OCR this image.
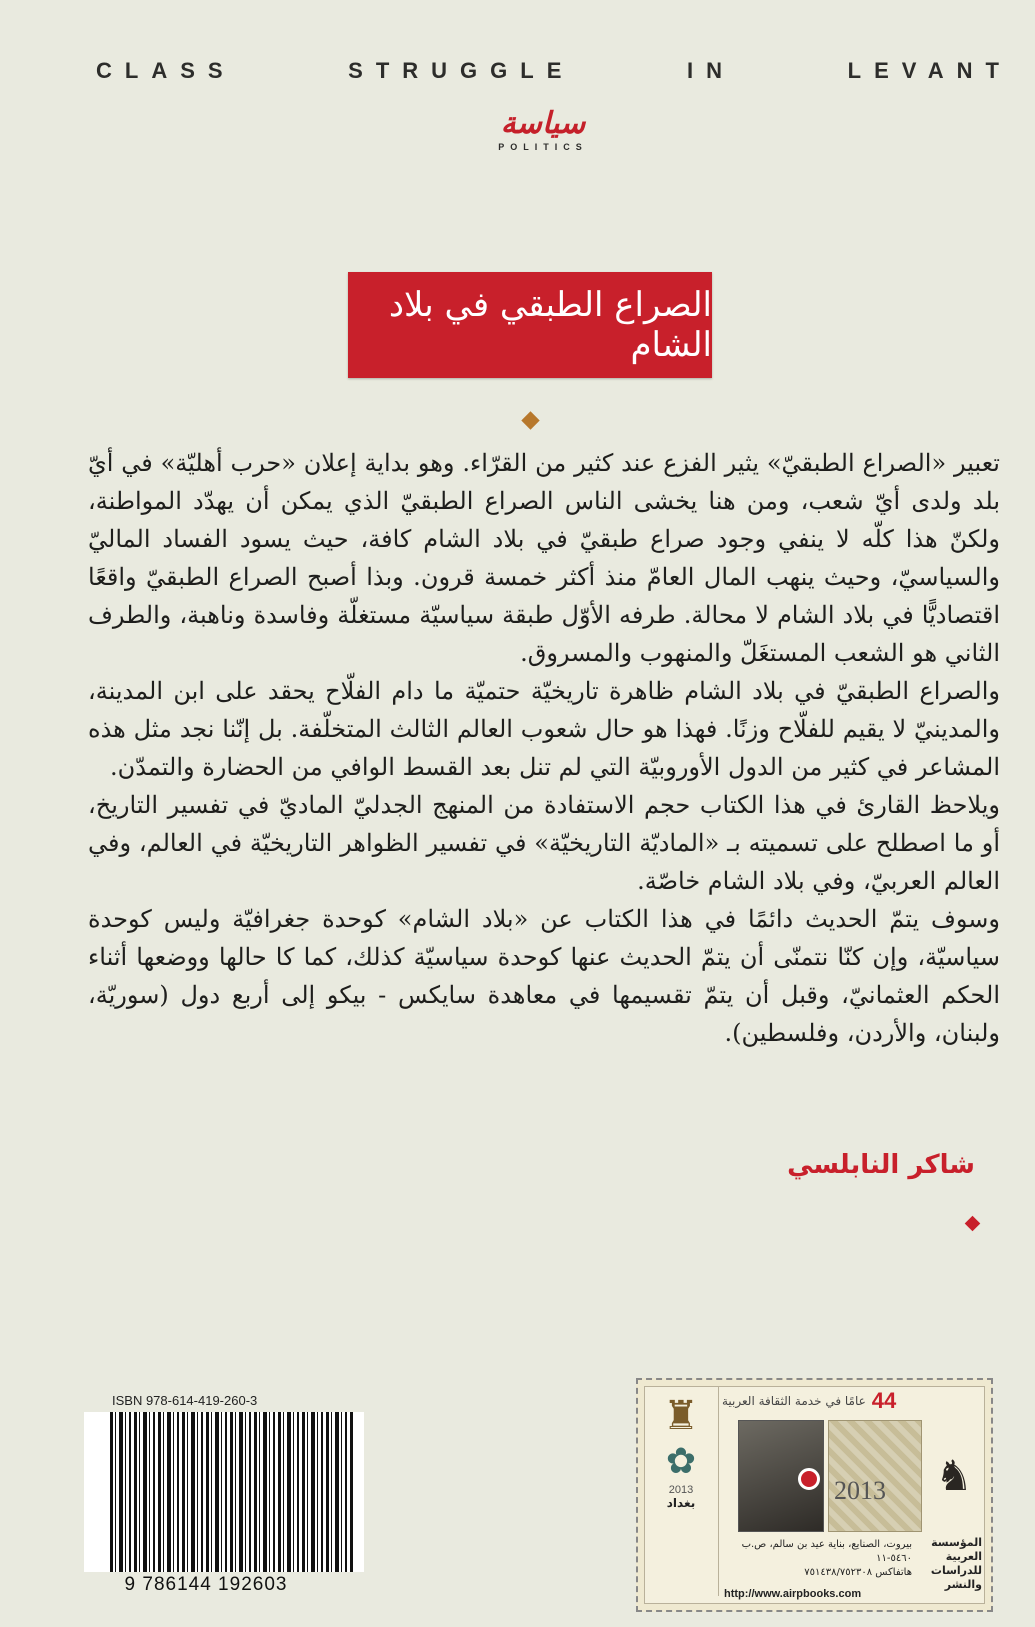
CLASS	STRUGGLE	IN	LEVANT
سياسة
POLITICS
الصراع الطبقي في بلاد الشام

تعبير «الصراع الطبقيّ» يثير الفزع عند كثير من القرّاء. وهو بداية إعلان «حرب أهليّة» في أيّ بلد ولدى أيّ شعب، ومن هنا يخشى الناس الصراع الطبقيّ الذي يمكن أن يهدّد المواطنة، ولكنّ هذا كلّه لا ينفي وجود صراع طبقيّ في بلاد الشام كافة، حيث يسود الفساد الماليّ والسياسيّ، وحيث ينهب المال العامّ منذ أكثر خمسة قرون. وبذا أصبح الصراع الطبقيّ واقعًا اقتصاديًّا في بلاد الشام لا محالة. طرفه الأوّل طبقة سياسيّة مستغلّة وفاسدة وناهبة، والطرف الثاني هو الشعب المستغَلّ والمنهوب والمسروق.

والصراع الطبقيّ في بلاد الشام ظاهرة تاريخيّة حتميّة ما دام الفلّاح يحقد على ابن المدينة، والمدينيّ لا يقيم للفلّاح وزنًا. فهذا هو حال شعوب العالم الثالث المتخلّفة. بل إنّنا نجد مثل هذه المشاعر في كثير من الدول الأوروبيّة التي لم تنل بعد القسط الوافي من الحضارة والتمدّن.

ويلاحظ القارئ في هذا الكتاب حجم الاستفادة من المنهج الجدليّ الماديّ في تفسير التاريخ، أو ما اصطلح على تسميته بـ «الماديّة التاريخيّة» في تفسير الظواهر التاريخيّة في العالم، وفي العالم العربيّ، وفي بلاد الشام خاصّة.

وسوف يتمّ الحديث دائمًا في هذا الكتاب عن «بلاد الشام» كوحدة جغرافيّة وليس كوحدة سياسيّة، وإن كنّا نتمنّى أن يتمّ الحديث عنها كوحدة سياسيّة كذلك، كما كا حالها ووضعها أثناء الحكم العثمانيّ، وقبل أن يتمّ تقسيمها في معاهدة سايكس - بيكو إلى أربع دول (سوريّة، ولبنان، والأردن، وفلسطين).

شاكر النابلسي
ISBN 978-614-419-260-3
9 786144 192603
♜
✿
2013
بغداد
44
عامًا في خدمة الثقافة العربية
2013 ♞
بيروت، الصنايع، بناية عيد بن سالم، ص.ب ٥٤٦٠-١١
هاتفاكس ٧٥١٤٣٨/٧٥٢٣٠٨
http://www.airpbooks.com
المؤسسة العربية للدراسات والنشر
